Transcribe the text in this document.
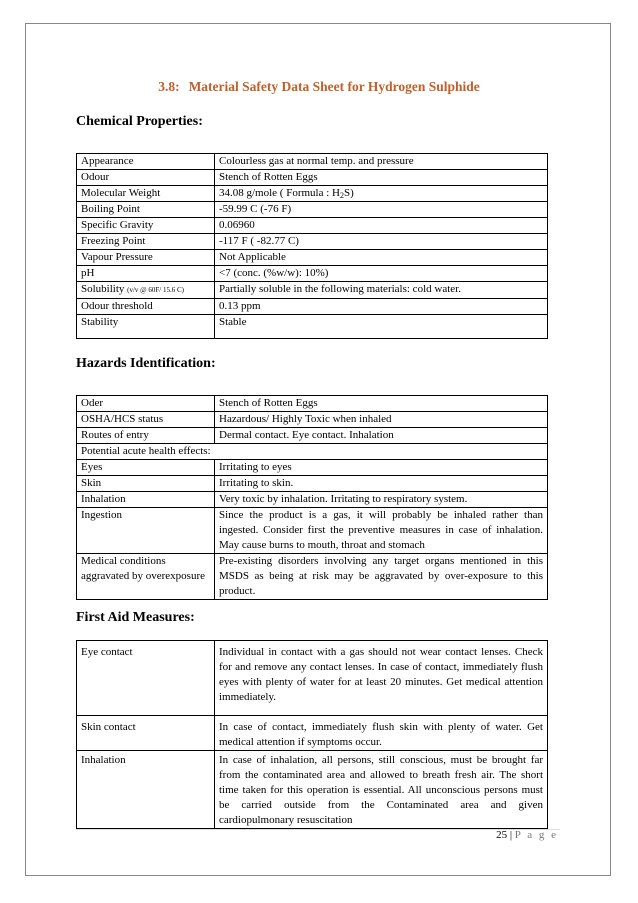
3.8: Material Safety Data Sheet for Hydrogen Sulphide
Chemical Properties:
Appearance	Colourless gas at normal temp. and pressure
Odour	Stench of Rotten Eggs
Molecular Weight	34.08 g/mole ( Formula : $H_2S$)
Boiling Point	-59.99 C (-76 F)
Specific Gravity	0.06960
Freezing Point	-117 F ( -82.77 C)
Vapour Pressure	Not Applicable
pH	<7 (conc. (%w/w): 10%)
Solubility (v/v @ 60F/ 15.6 C)	Partially soluble in the following materials: cold water.
Odour threshold	0.13 ppm
Stability	Stable
Hazards Identification:
Oder	Stench of Rotten Eggs
OSHA/HCS status	Hazardous/ Highly Toxic when inhaled
Routes of entry	Dermal contact. Eye contact. Inhalation
Potential acute health effects:	
Eyes	Irritating to eyes
Skin	Irritating to skin.
Inhalation	Very toxic by inhalation. Irritating to respiratory system.
Ingestion	Since the product is a gas, it will probably be inhaled rather than ingested. Consider first the preventive measures in case of inhalation. May cause burns to mouth, throat and stomach
Medical conditions aggravated by overexposure	Pre-existing disorders involving any target organs mentioned in this MSDS as being at risk may be aggravated by over-exposure to this product.
First Aid Measures:
Eye contact	Individual in contact with a gas should not wear contact lenses. Check for and remove any contact lenses. In case of contact, immediately flush eyes with plenty of water for at least 20 minutes. Get medical attention immediately.
Skin contact	In case of contact, immediately flush skin with plenty of water. Get medical attention if symptoms occur.
Inhalation	In case of inhalation, all persons, still conscious, must be brought far from the contaminated area and allowed to breath fresh air. The short time taken for this operation is essential. All unconscious persons must be carried outside from the Contaminated area and given cardiopulmonary resuscitation
25 | P a g e
